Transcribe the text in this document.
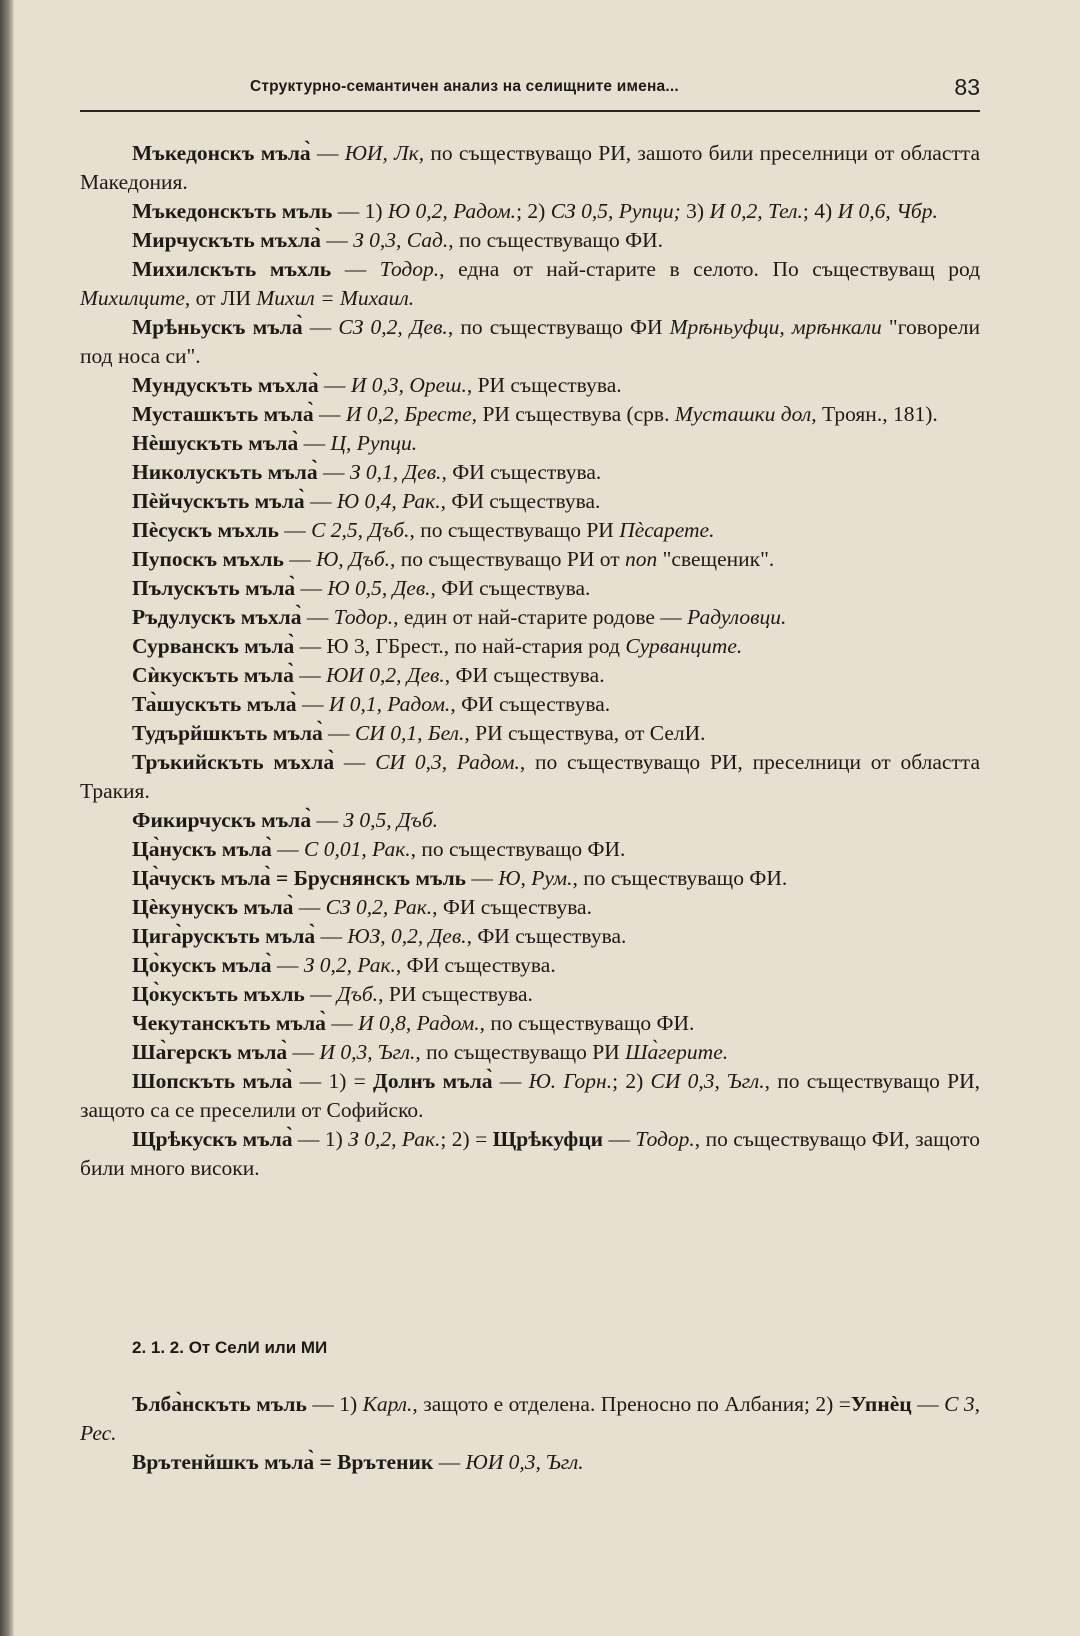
Структурно-семантичен анализ на селищните имена...	83

Мъкедонскъ мъла̀ — ЮИ, Лк, по съществуващо РИ, зашото били преселници от областта Македония.

Мъкедонскъть мъль — 1) Ю 0,2, Радом.; 2) СЗ 0,5, Рупци; 3) И 0,2, Тел.; 4) И 0,6, Чбр.

Мирчускъть мъхла̀ — З 0,3, Сад., по съществуващо ФИ.

Михилскъть мъхль — Тодор., една от най-старите в селото. По съществуващ род Михилците, от ЛИ Михил = Михаил.

Мрѣньускъ мъла̀ — СЗ 0,2, Дев., по съществуващо ФИ Мрѣньуфци, мрѣнкали "говорели под носа си".

Мундускъть мъхла̀ — И 0,3, Ореш., РИ съществува.

Мусташкъть мъла̀ — И 0,2, Бресте, РИ съществува (срв. Мусташки дол, Троян., 181).

Нѐшускъть мъла̀ — Ц, Рупци.

Николускъть мъла̀ — З 0,1, Дев., ФИ съществува.

Пѐйчускъть мъла̀ — Ю 0,4, Рак., ФИ съществува.

Пѐсускъ мъхль — С 2,5, Дъб., по съществуващо РИ Пѐсарете.

Пупоскъ мъхль — Ю, Дъб., по съществуващо РИ от поп "свещеник".

Пълускъть мъла̀ — Ю 0,5, Дев., ФИ съществува.

Ръдулускъ мъхла̀ — Тодор., един от най-старите родове — Радуловци.

Сурванскъ мъла̀ — Ю 3, ГБрест., по най-стария род Сурванците.

Сѝкускъть мъла̀ — ЮИ 0,2, Дев., ФИ съществува.

Та̀шускъть мъла̀ — И 0,1, Радом., ФИ съществува.

Тудърйшкъть мъла̀ — СИ 0,1, Бел., РИ съществува, от СелИ.

Тръкийскъть мъхла̀ — СИ 0,3, Радом., по съществуващо РИ, преселници от областта Тракия.

Фикирчускъ мъла̀ — З 0,5, Дъб.

Ца̀нускъ мъла̀ — С 0,01, Рак., по съществуващо ФИ.

Ца̀чускъ мъла̀ = Бруснянскъ мъль — Ю, Рум., по съществуващо ФИ.

Цѐкунускъ мъла̀ — СЗ 0,2, Рак., ФИ съществува.

Цига̀рускъть мъла̀ — ЮЗ, 0,2, Дев., ФИ съществува.

Цо̀кускъ мъла̀ — З 0,2, Рак., ФИ съществува.

Цо̀кускъть мъхль — Дъб., РИ съществува.

Чекутанскъть мъла̀ — И 0,8, Радом., по съществуващо ФИ.

Ша̀герскъ мъла̀ — И 0,3, Ъгл., по съществуващо РИ Ша̀герите.

Шопскъть мъла̀ — 1) = Долнъ мъла̀ — Ю. Горн.; 2) СИ 0,3, Ъгл., по съществуващо РИ, защото са се преселили от Софийско.

Щрѣкускъ мъла̀ — 1) З 0,2, Рак.; 2) = Щрѣкуфци — Тодор., по съществуващо ФИ, защото били много високи.

2. 1. 2. От СелИ или МИ

Ълба̀нскъть мъль — 1) Карл., защото е отделена. Преносно по Албания; 2) =Упнѐц — С 3, Рес.

Врътенйшкъ мъла̀ = Врътеник — ЮИ 0,3, Ъгл.
